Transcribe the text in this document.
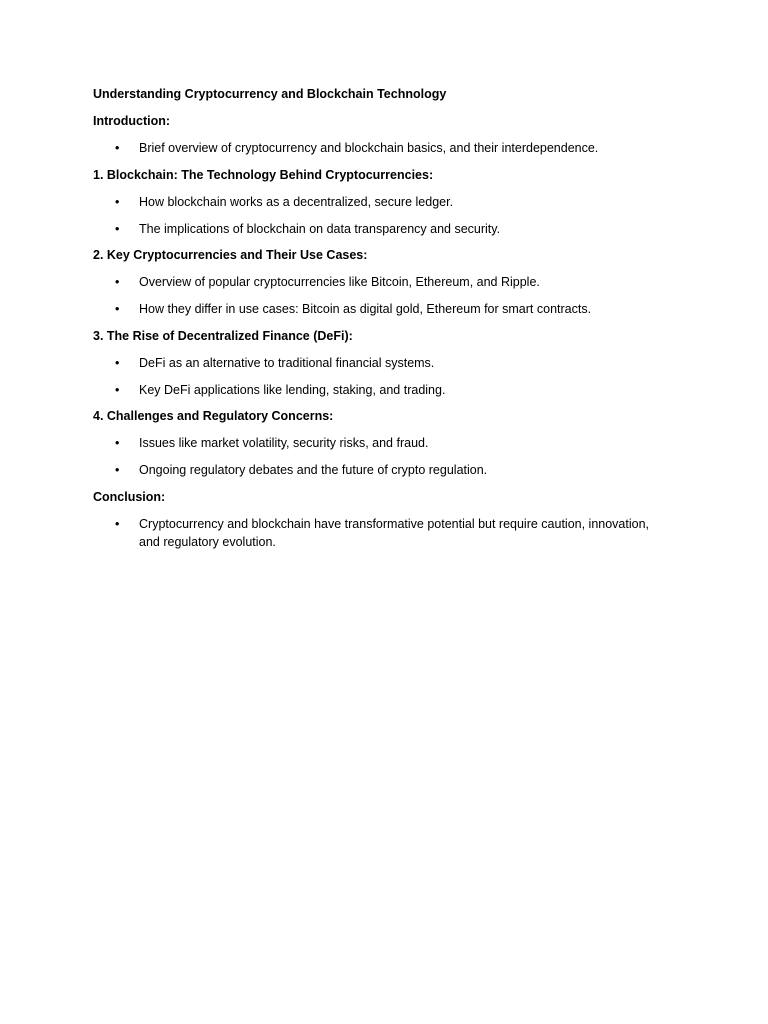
Understanding Cryptocurrency and Blockchain Technology
Introduction:
• Brief overview of cryptocurrency and blockchain basics, and their interdependence.
1. Blockchain: The Technology Behind Cryptocurrencies:
• How blockchain works as a decentralized, secure ledger.
• The implications of blockchain on data transparency and security.
2. Key Cryptocurrencies and Their Use Cases:
• Overview of popular cryptocurrencies like Bitcoin, Ethereum, and Ripple.
• How they differ in use cases: Bitcoin as digital gold, Ethereum for smart contracts.
3. The Rise of Decentralized Finance (DeFi):
• DeFi as an alternative to traditional financial systems.
• Key DeFi applications like lending, staking, and trading.
4. Challenges and Regulatory Concerns:
• Issues like market volatility, security risks, and fraud.
• Ongoing regulatory debates and the future of crypto regulation.
Conclusion:
• Cryptocurrency and blockchain have transformative potential but require caution, innovation, and regulatory evolution.
